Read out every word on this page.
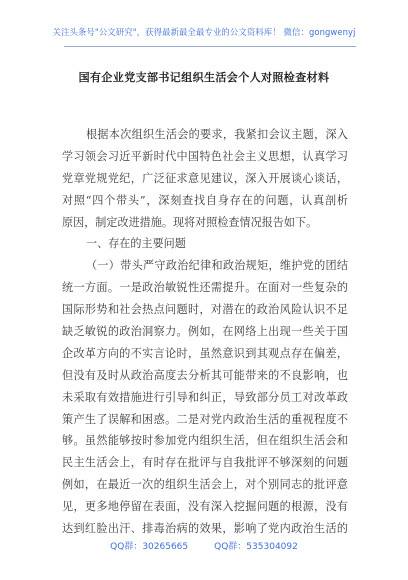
关注头条号"公文研究"，获得最新最全最专业的公文资料库！ 微信：gongwenyj
国有企业党支部书记组织生活会个人对照检查材料
根据本次组织生活会的要求，我紧扣会议主题，深入
学习领会习近平新时代中国特色社会主义思想，认真学习
党章党规党纪，广泛征求意见建议，深入开展谈心谈话，
对照“四个带头”，深刻查找自身存在的问题，认真剖析
原因，制定改进措施。现将对照检查情况报告如下。
一、存在的主要问题
（一）带头严守政治纪律和政治规矩，维护党的团结
统一方面。一是政治敏锐性还需提升。在面对一些复杂的
国际形势和社会热点问题时，对潜在的政治风险认识不足
缺乏敏锐的政治洞察力。例如，在网络上出现一些关于国
企改革方向的不实言论时，虽然意识到其观点存在偏差，
但没有及时从政治高度去分析其可能带来的不良影响，也
未采取有效措施进行引导和纠正，导致部分员工对改革政
策产生了误解和困惑。二是对党内政治生活的重视程度不
够。虽然能够按时参加党内组织生活，但在组织生活会和
民主生活会上，有时存在批评与自我批评不够深刻的问题
例如，在最近一次的组织生活会上，对个别同志的批评意
见，更多地停留在表面，没有深入挖掘问题的根源，没有
达到红脸出汗、排毒治病的效果，影响了党内政治生活的
QQ群：30265665	QQ群：535304092
